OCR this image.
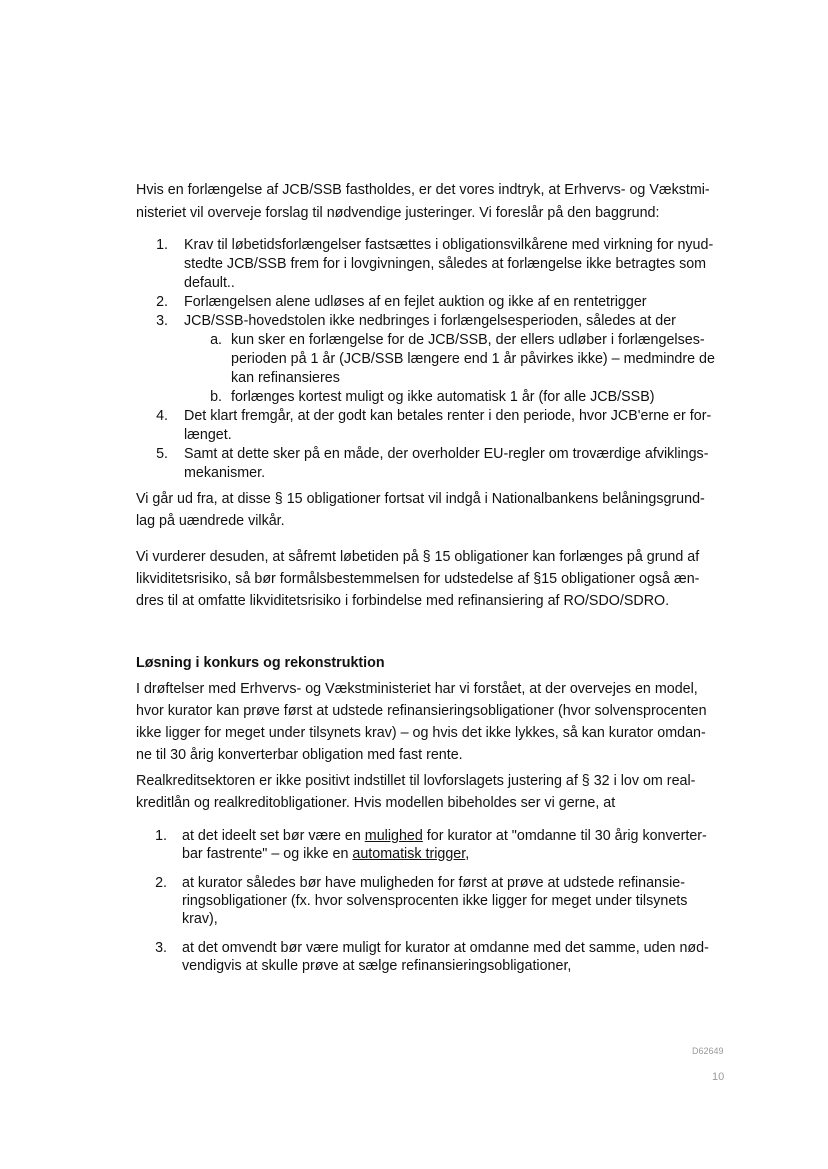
Hvis en forlængelse af JCB/SSB fastholdes, er det vores indtryk, at Erhvervs- og Vækstmi-
nisteriet vil overveje forslag til nødvendige justeringer. Vi foreslår på den baggrund:
1. Krav til løbetidsforlængelser fastsættes i obligationsvilkårene med virkning for nyud-
stedte JCB/SSB frem for i lovgivningen, således at forlængelse ikke betragtes som
default..
2. Forlængelsen alene udløses af en fejlet auktion og ikke af en rentetrigger
3. JCB/SSB-hovedstolen ikke nedbringes i forlængelsesperioden, således at der
a. kun sker en forlængelse for de JCB/SSB, der ellers udløber i forlængelses-
perioden på 1 år (JCB/SSB længere end 1 år påvirkes ikke) – medmindre de
kan refinansieres
b. forlænges kortest muligt og ikke automatisk 1 år (for alle JCB/SSB)
4. Det klart fremgår, at der godt kan betales renter i den periode, hvor JCB'erne er for-
længet.
5. Samt at dette sker på en måde, der overholder EU-regler om troværdige afviklings-
mekanismer.
Vi går ud fra, at disse § 15 obligationer fortsat vil indgå i Nationalbankens belåningsgrund-
lag på uændrede vilkår.
Vi vurderer desuden, at såfremt løbetiden på § 15 obligationer kan forlænges på grund af
likviditetsrisiko, så bør formålsbestemmelsen for udstedelse af §15 obligationer også æn-
dres til at omfatte likviditetsrisiko i forbindelse med refinansiering af RO/SDO/SDRO.
Løsning i konkurs og rekonstruktion
I drøftelser med Erhvervs- og Vækstministeriet har vi forstået, at der overvejes en model,
hvor kurator kan prøve først at udstede refinansieringsobligationer (hvor solvensprocenten
ikke ligger for meget under tilsynets krav) – og hvis det ikke lykkes, så kan kurator omdan-
ne til 30 årig konverterbar obligation med fast rente.
Realkreditsektoren er ikke positivt indstillet til lovforslagets justering af § 32 i lov om real-
kreditlån og realkreditobligationer. Hvis modellen bibeholdes ser vi gerne, at
1. at det ideelt set bør være en mulighed for kurator at "omdanne til 30 årig konverter-
bar fastrente" – og ikke en automatisk trigger,
2. at kurator således bør have muligheden for først at prøve at udstede refinansie-
ringsobligationer (fx. hvor solvensprocenten ikke ligger for meget under tilsynets
krav),
3. at det omvendt bør være muligt for kurator at omdanne med det samme, uden nød-
vendigvis at skulle prøve at sælge refinansieringsobligationer,
D62649
10
